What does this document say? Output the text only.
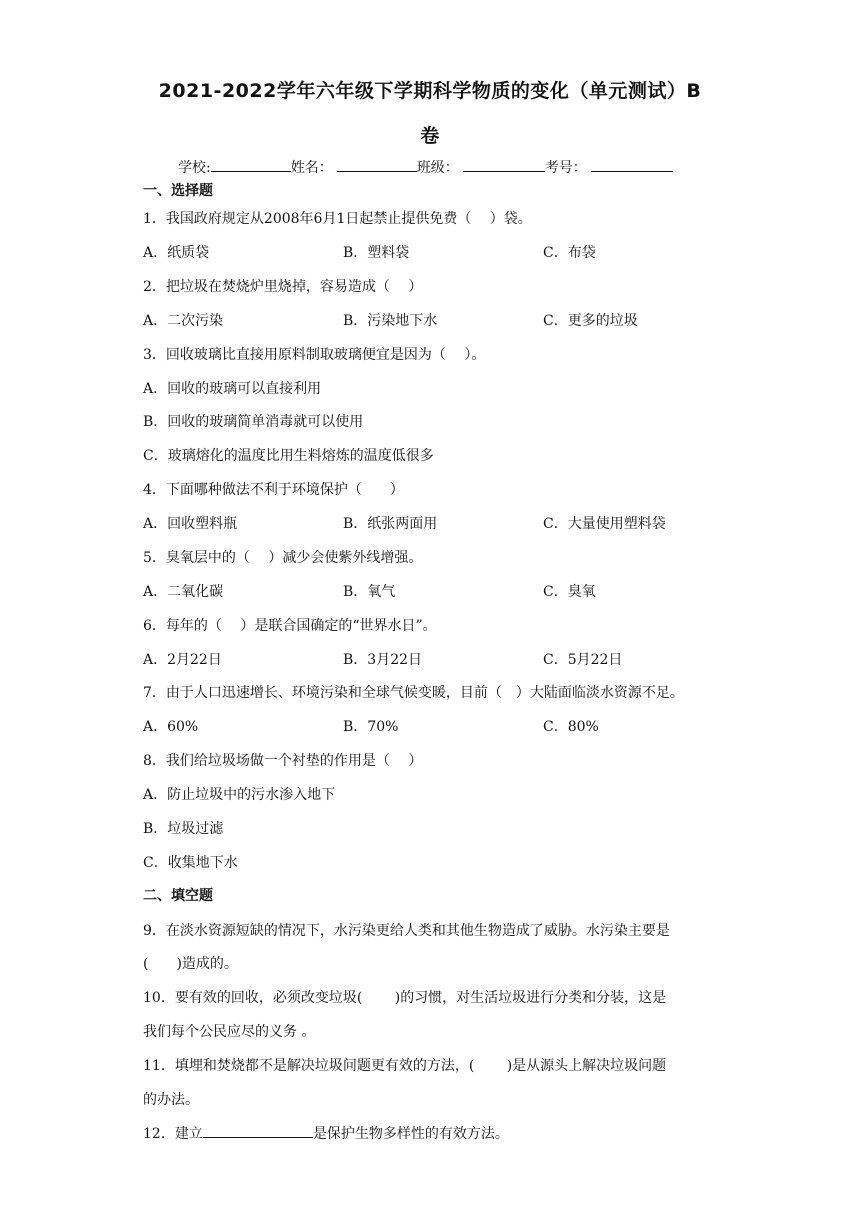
2021-2022学年六年级下学期科学物质的变化（单元测试）B
卷
学校:	姓名：	班级：	考号：
一、选择题
1．我国政府规定从2008年6月1日起禁止提供免费（　 ）袋。
A．纸质袋	B．塑料袋	C．布袋
2．把垃圾在焚烧炉里烧掉，容易造成（　 ）
A．二次污染	B．污染地下水	C．更多的垃圾
3．回收玻璃比直接用原料制取玻璃便宜是因为（　 ）。
A．回收的玻璃可以直接利用
B．回收的玻璃简单消毒就可以使用
C．玻璃熔化的温度比用生料熔炼的温度低很多
4．下面哪种做法不利于环境保护（　　）
A．回收塑料瓶	B．纸张两面用	C．大量使用塑料袋
5．臭氧层中的（　 ）减少会使紫外线增强。
A．二氧化碳	B．氧气	C．臭氧
6．每年的（　 ）是联合国确定的“世界水日”。
A．2月22日	B．3月22日	C．5月22日
7．由于人口迅速增长、环境污染和全球气候变暖，目前（　）大陆面临淡水资源不足。
A．60%	B．70%	C．80%
8．我们给垃圾场做一个衬垫的作用是（　 ）
A．防止垃圾中的污水渗入地下
B．垃圾过滤
C．收集地下水
二、填空题
9．在淡水资源短缺的情况下，水污染更给人类和其他生物造成了威胁。水污染主要是
(　　)造成的。
10．要有效的回收，必须改变垃圾(　　 )的习惯，对生活垃圾进行分类和分装，这是
我们每个公民应尽的义务 。
11．填埋和焚烧都不是解决垃圾问题更有效的方法，(　　 )是从源头上解决垃圾问题
的办法。
12．建立	是保护生物多样性的有效方法。
